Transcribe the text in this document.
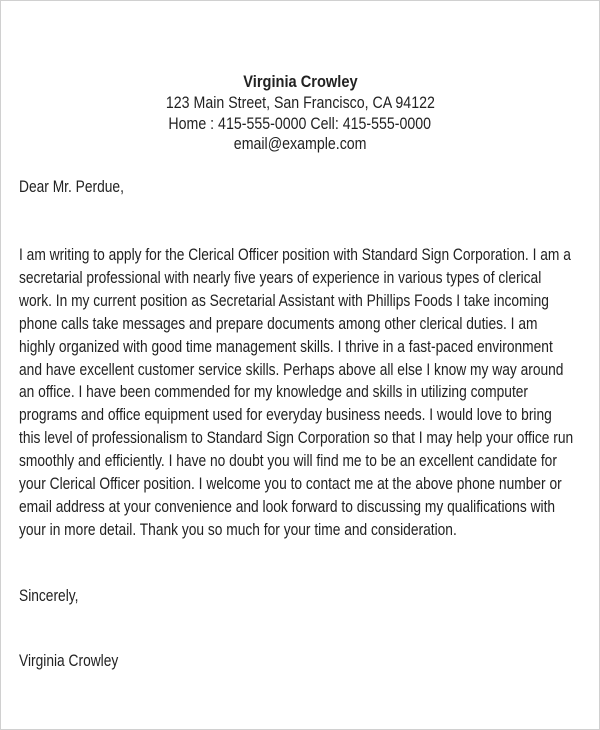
Virginia Crowley
123 Main Street, San Francisco, CA 94122
Home : 415-555-0000 Cell: 415-555-0000
email@example.com
Dear Mr. Perdue,
I am writing to apply for the Clerical Officer position with Standard Sign Corporation. I am a
secretarial professional with nearly five years of experience in various types of clerical
work. In my current position as Secretarial Assistant with Phillips Foods I take incoming
phone calls take messages and prepare documents among other clerical duties. I am
highly organized with good time management skills. I thrive in a fast-paced environment
and have excellent customer service skills. Perhaps above all else I know my way around
an office. I have been commended for my knowledge and skills in utilizing computer
programs and office equipment used for everyday business needs. I would love to bring
this level of professionalism to Standard Sign Corporation so that I may help your office run
smoothly and efficiently. I have no doubt you will find me to be an excellent candidate for
your Clerical Officer position. I welcome you to contact me at the above phone number or
email address at your convenience and look forward to discussing my qualifications with
your in more detail. Thank you so much for your time and consideration.
Sincerely,
Virginia Crowley
